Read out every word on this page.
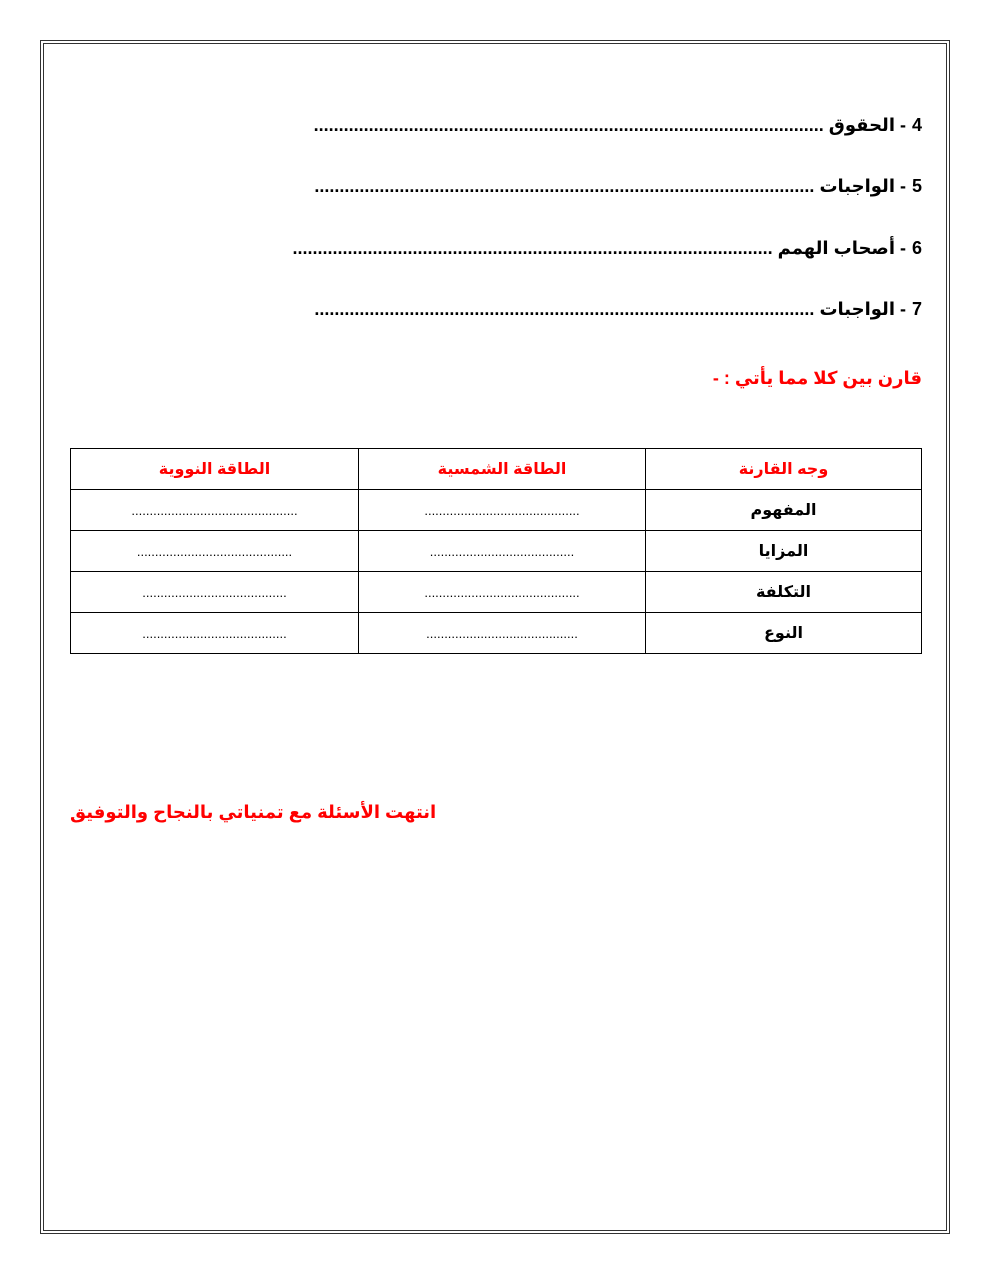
4- الحقوق ......................................................................................................
5- الواجبات ....................................................................................................
6- أصحاب الهمم ................................................................................................
7- الواجبات ....................................................................................................
قارن بين كلا مما يأتي : -
وجه القارنة	الطاقة الشمسية	الطاقة النووية
المفهوم	...........................................	..............................................
المزايا	........................................	...........................................
التكلفة	...........................................	........................................
النوع	..........................................	........................................
انتهت الأسئلة مع تمنياتي بالنجاح والتوفيق
